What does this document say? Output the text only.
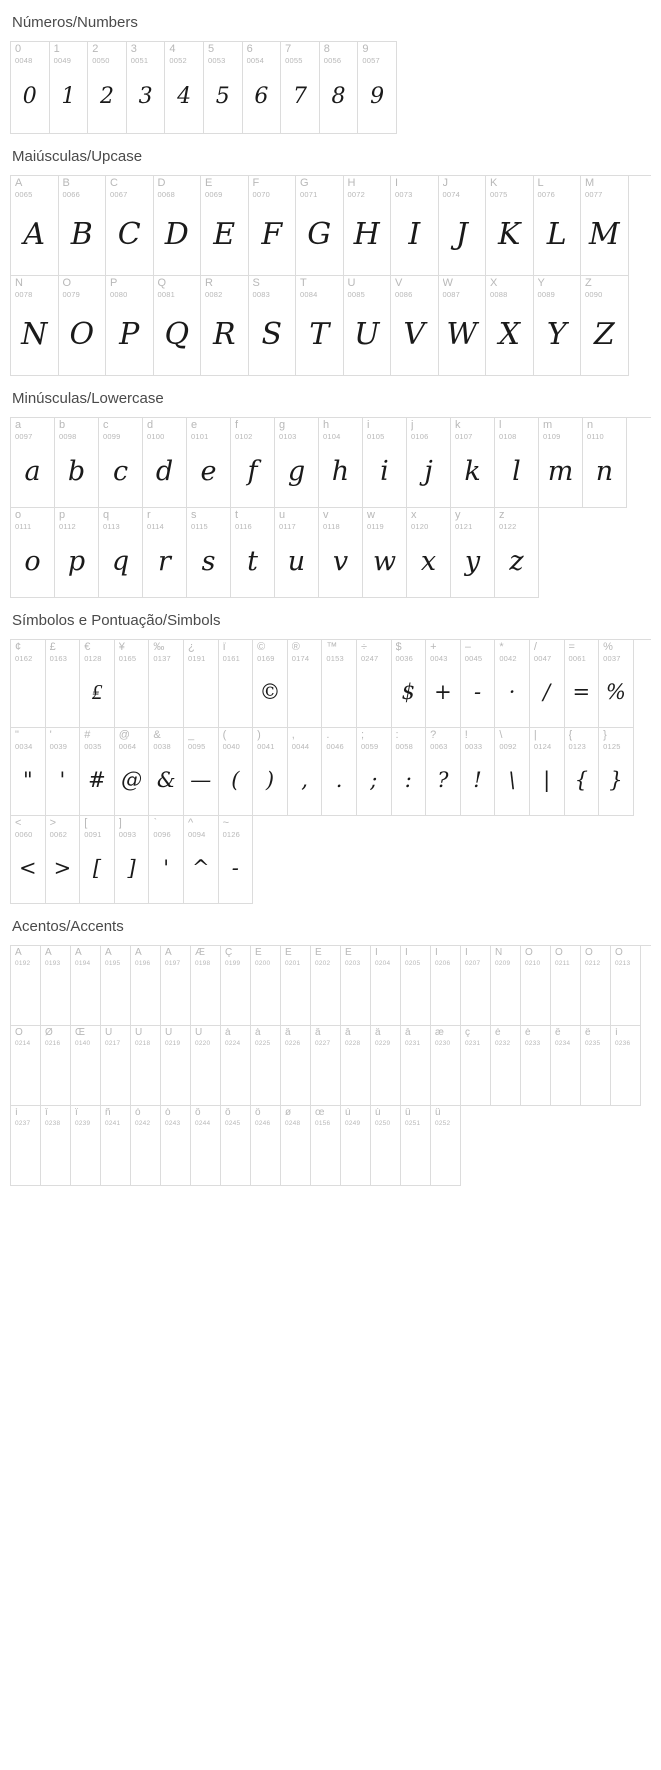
Números/Numbers
0
0048
0
1
0049
1
2
0050
2
3
0051
3
4
0052
4
5
0053
5
6
0054
6
7
0055
7
8
0056
8
9
0057
9
Maiúsculas/Upcase
A
0065
A
B
0066
B
C
0067
C
D
0068
D
E
0069
E
F
0070
F
G
0071
G
H
0072
H
I
0073
I
J
0074
J
K
0075
K
L
0076
L
M
0077
M
N
0078
N
O
0079
O
P
0080
P
Q
0081
Q
R
0082
R
S
0083
S
T
0084
T
U
0085
U
V
0086
V
W
0087
W
X
0088
X
Y
0089
Y
Z
0090
Z
Minúsculas/Lowercase
a
0097
a
b
0098
b
c
0099
c
d
0100
d
e
0101
e
f
0102
f
g
0103
g
h
0104
h
i
0105
i
j
0106
j
k
0107
k
l
0108
l
m
0109
m
n
0110
n
o
0111
o
p
0112
p
q
0113
q
r
0114
r
s
0115
s
t
0116
t
u
0117
u
v
0118
v
w
0119
w
x
0120
x
y
0121
y
z
0122
z
Símbolos e Pontuação/Simbols
¢
0162
£
0163
€
0128
₤
¥
0165
‰
0137
¿
0191
ï
0161
©
0169
©
®
0174
™
0153
÷
0247
$
0036
$
+
0043
+
–
0045
-
*
0042
·
/
0047
/
=
0061
=
%
0037
%
"
0034
"
'
0039
'
#
0035
#
@
0064
@
&
0038
&
_
0095
—
(
0040
(
)
0041
)
,
0044
,
.
0046
.
;
0059
;
:
0058
:
?
0063
?
!
0033
!
\
0092
\
|
0124
|
{
0123
{
}
0125
}
<
0060
<
>
0062
>
[
0091
[
]
0093
]
`
0096
'
^
0094
^
~
0126
-
Acentos/Accents
À
0192
Á
0193
Â
0194
Ã
0195
Ä
0196
Å
0197
Æ
0198
Ç
0199
È
0200
É
0201
Ê
0202
Ë
0203
Ì
0204
Í
0205
Î
0206
Ï
0207
Ñ
0209
Ò
0210
Ó
0211
Ô
0212
Õ
0213
Ö
0214
Ø
0216
Œ
0140
Ù
0217
Ú
0218
Û
0219
Ü
0220
à
0224
á
0225
â
0226
ã
0227
ā
0228
ä
0229
å
0231
æ
0230
ç
0231
è
0232
é
0233
ê
0234
ë
0235
ì
0236
í
0237
î
0238
ï
0239
ñ
0241
ò
0242
ó
0243
ô
0244
õ
0245
ö
0246
ø
0248
œ
0156
ù
0249
ú
0250
û
0251
ü
0252
